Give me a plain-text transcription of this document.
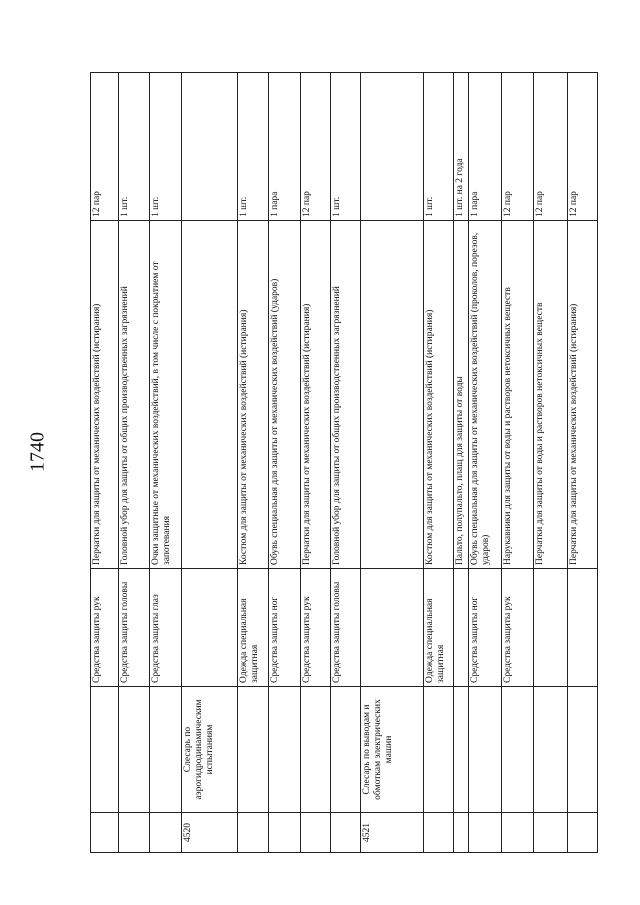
1740
		Средства защиты рук	Перчатки для защиты от механических воздействий (истирания)	12 пар
		Средства защиты головы	Головной убор для защиты от общих производственных загрязнений	1 шт.
		Средства защиты глаз	Очки защитные от механических воздействий, в том числе с покрытием от запотевания	1 шт.
4520	Слесарь по аэрогидродинамическим испытаниям			
		Одежда специальная защитная	Костюм для защиты от механических воздействий (истирания)	1 шт.
		Средства защиты ног	Обувь специальная для защиты от механических воздействий (ударов)	1 пара
		Средства защиты рук	Перчатки для защиты от механических воздействий (истирания)	12 пар
		Средства защиты головы	Головной убор для защиты от общих производственных загрязнений	1 шт.
4521	Слесарь по выводам и обмоткам электрических машин			
		Одежда специальная защитная	Костюм для защиты от механических воздействий (истирания)	1 шт.
			Пальто, полупальто, плащ для защиты от воды	1 шт. на 2 года
		Средства защиты ног	Обувь специальная для защиты от механических воздействий (проколов, порезов, ударов)	1 пара
		Средства защиты рук	Нарукавники для защиты от воды и растворов нетоксичных веществ	12 пар
			Перчатки для защиты от воды и растворов нетоксичных веществ	12 пар
			Перчатки для защиты от механических воздействий (истирания)	12 пар
